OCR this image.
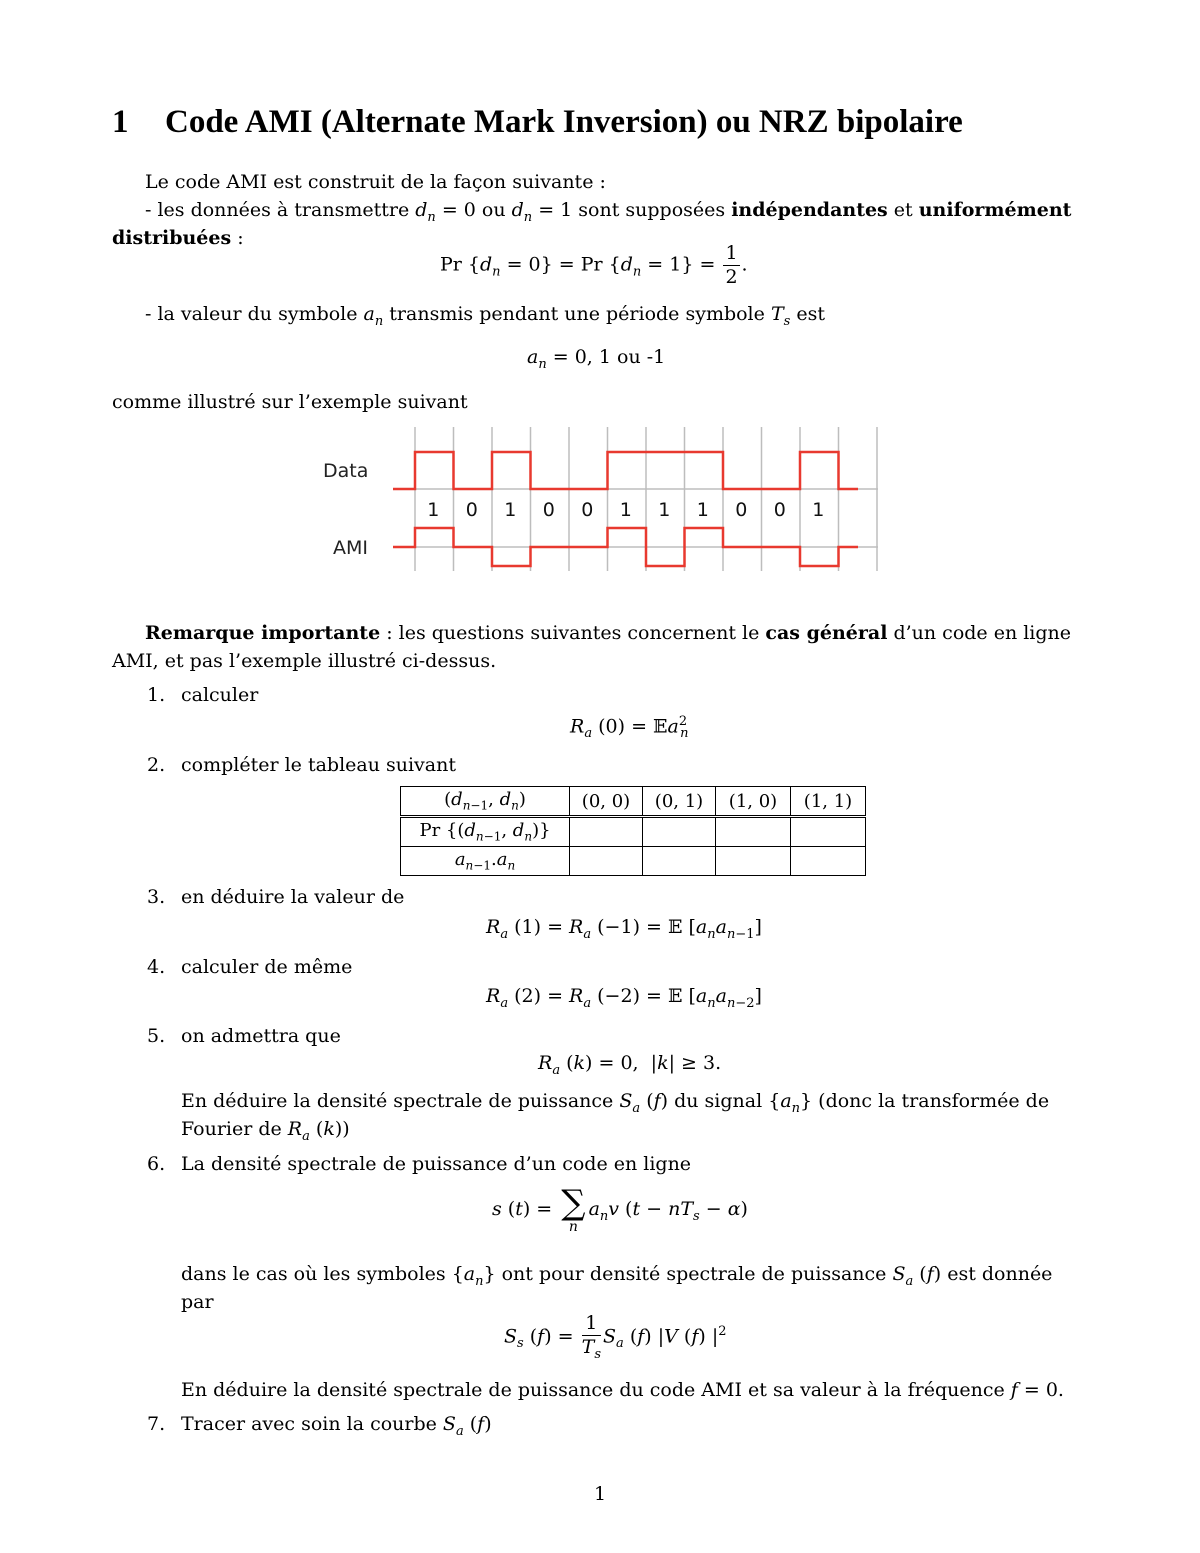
1 Code AMI (Alternate Mark Inversion) ou NRZ bipolaire

Le code AMI est construit de la façon suivante :

- les données à transmettre $d_n = 0$ ou $d_n = 1$ sont supposées indépendantes et uniformément

distribuées :

Pr $\{d_n = 0\} = Pr$ $\{d_n = 1\} = \frac{1}{2}$ .

- la valeur du symbole $a_n$ transmis pendant une période symbole $T_s$ est

$a_n = 0$, 1 ou -1

comme illustré sur l’exemple suivant

Data
AMI
1 0 1 0 0 1 1 1 0 0 1

Remarque importante : les questions suivantes concernent le cas général d’un code en ligne

AMI, et pas l’exemple illustré ci-dessus.

1. calculer

$R_a$ (0) = 𝔼a$^2_n$

2. compléter le tableau suivant

($d_{n-1}$, $d_n$)	(0, 0)	(0, 1)	(1, 0)	(1, 1)
Pr {($d_{n-1}$, $d_n$)}				
$a_{n-1}.a_n$				

3. en déduire la valeur de

$R_a$ $(1) = R_a$ (−1) = 𝔼 $[a_na_{n-1}]$

4. calculer de même

$R_a$ $(2) = R_a$ (−2) = 𝔼 $[a_na_{n-2}]$

5. on admettra que

$R_a$ (k) = 0,  |k| ≥ 3.

En déduire la densité spectrale de puissance $S_a$ (f) du signal $\{a_n\}$ (donc la transformée de

Fourier de $R_a$ (k))

6. La densité spectrale de puissance d’un code en ligne

s (t) = ∑
n
$a_nv$ $(t - nT_s - \alpha)$

dans le cas où les symboles $\{a_n\}$ ont pour densité spectrale de puissance $S_a$ (f) est donnée

par

$S_s$ $(f) = \frac{1}{T_s} S_a$ (f) |V (f) $|^2$

En déduire la densité spectrale de puissance du code AMI et sa valeur à la fréquence f = 0.

7. Tracer avec soin la courbe $S_a$ (f)

1
